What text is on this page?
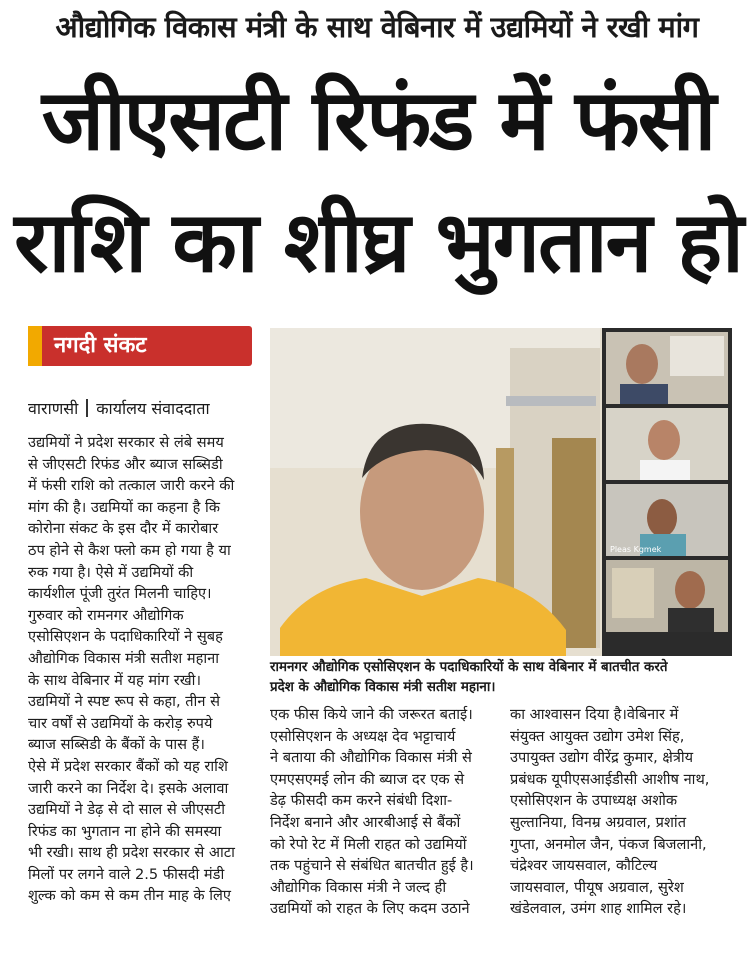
औद्योगिक विकास मंत्री के साथ वेबिनार में उद्यमियों ने रखी मांग
जीएसटी रिफंड में फंसी
राशि का शीघ्र भुगतान हो
नगदी संकट
वाराणसी कार्यालय संवाददाता

उद्यमियों ने प्रदेश सरकार से लंबे समय

से जीएसटी रिफंड और ब्याज सब्सिडी

में फंसी राशि को तत्काल जारी करने की

मांग की है। उद्यमियों का कहना है कि

कोरोना संकट के इस दौर में कारोबार

ठप होने से कैश फ्लो कम हो गया है या

रुक गया है। ऐसे में उद्यमियों की

कार्यशील पूंजी तुरंत मिलनी चाहिए।

गुरुवार को रामनगर औद्योगिक

एसोसिएशन के पदाधिकारियों ने सुबह

औद्योगिक विकास मंत्री सतीश महाना

के साथ वेबिनार में यह मांग रखी।

उद्यमियों ने स्पष्ट रूप से कहा, तीन से

चार वर्षों से उद्यमियों के करोड़ रुपये

ब्याज सब्सिडी के बैंकों के पास हैं।

ऐसे में प्रदेश सरकार बैंकों को यह राशि

जारी करने का निर्देश दे। इसके अलावा

उद्यमियों ने डेढ़ से दो साल से जीएसटी

रिफंड का भुगतान ना होने की समस्या

भी रखी। साथ ही प्रदेश सरकार से आटा

मिलों पर लगने वाले 2.5 फीसदी मंडी

शुल्क को कम से कम तीन माह के लिए

Pleas Kgmek
रामनगर औद्योगिक एसोसिएशन के पदाधिकारियों के साथ वेबिनार में बातचीत करते
प्रदेश के औद्योगिक विकास मंत्री सतीश महाना।

एक फीस किये जाने की जरूरत बताई।

एसोसिएशन के अध्यक्ष देव भट्टाचार्य

ने बताया की औद्योगिक विकास मंत्री से

एमएसएमई लोन की ब्याज दर एक से

डेढ़ फीसदी कम करने संबंधी दिशा-

निर्देश बनाने और आरबीआई से बैंकों

को रेपो रेट में मिली राहत को उद्यमियों

तक पहुंचाने से संबंधित बातचीत हुई है।

औद्योगिक विकास मंत्री ने जल्द ही

उद्यमियों को राहत के लिए कदम उठाने

का आश्वासन दिया है।वेबिनार में

संयुक्त आयुक्त उद्योग उमेश सिंह,

उपायुक्त उद्योग वीरेंद्र कुमार, क्षेत्रीय

प्रबंधक यूपीएसआईडीसी आशीष नाथ,

एसोसिएशन के उपाध्यक्ष अशोक

सुल्तानिया, विनम्र अग्रवाल, प्रशांत

गुप्ता, अनमोल जैन, पंकज बिजलानी,

चंद्रेश्वर जायसवाल, कौटिल्य

जायसवाल, पीयूष अग्रवाल, सुरेश

खंडेलवाल, उमंग शाह शामिल रहे।
